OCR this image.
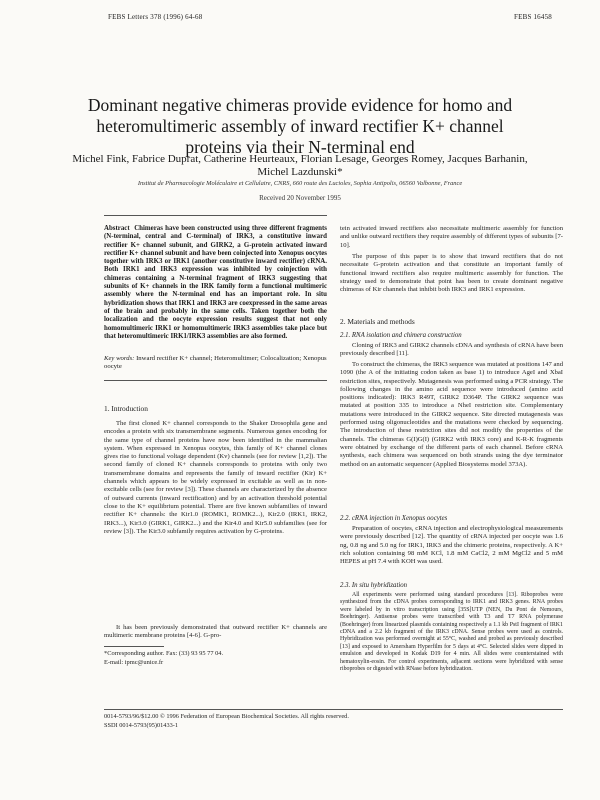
FEBS Letters 378 (1996) 64-68	FEBS 16458
Dominant negative chimeras provide evidence for homo and heteromultimeric assembly of inward rectifier K+ channel proteins via their N-terminal end
Michel Fink, Fabrice Duprat, Catherine Heurteaux, Florian Lesage, Georges Romey, Jacques Barhanin, Michel Lazdunski*
Institut de Pharmacologie Moléculaire et Cellulaire, CNRS, 660 route des Lucioles, Sophia Antipolis, 06560 Valbonne, France
Received 20 November 1995

Abstract Chimeras have been constructed using three different fragments (N-terminal, central and C-terminal) of IRK3, a constitutive inward rectifier K+ channel subunit, and GIRK2, a G-protein activated inward rectifier K+ channel subunit and have been coinjected into Xenopus oocytes together with IRK3 or IRK1 (another constitutive inward rectifier) cRNA. Both IRK1 and IRK3 expression was inhibited by coinjection with chimeras containing a N-terminal fragment of IRK3 suggesting that subunits of K+ channels in the IRK family form a functional multimeric assembly where the N-terminal end has an important role. In situ hybridization shows that IRK1 and IRK3 are coexpressed in the same areas of the brain and probably in the same cells. Taken together both the localization and the oocyte expression results suggest that not only homomultimeric IRK1 or homomultimeric IRK3 assemblies take place but that heteromultimeric IRK1/IRK3 assemblies are also formed.

Key words: Inward rectifier K+ channel; Heteromultimer; Colocalization; Xenopus oocyte

1. Introduction

The first cloned K+ channel corresponds to the Shaker Drosophila gene and encodes a protein with six transmembrane segments. Numerous genes encoding for the same type of channel proteins have now been identified in the mammalian system. When expressed in Xenopus oocytes, this family of K+ channel clones gives rise to functional voltage dependent (Kv) channels (see for review [1,2]). The second family of cloned K+ channels corresponds to proteins with only two transmembrane domains and represents the family of inward rectifier (Kir) K+ channels which appears to be widely expressed in excitable as well as in non-excitable cells (see for review [3]). These channels are characterized by the absence of outward currents (inward rectification) and by an activation threshold potential close to the K+ equilibrium potential. There are five known subfamilies of inward rectifier K+ channels: the Kir1.0 (ROMK1, ROMK2...), Kir2.0 (IRK1, IRK2, IRK3...), Kir3.0 (GIRK1, GIRK2...) and the Kir4.0 and Kir5.0 subfamilies (see for review [3]). The Kir3.0 subfamily requires activation by G-proteins.

It has been previously demonstrated that outward rectifier K+ channels are multimeric membrane proteins [4-6]. G-pro-

*Corresponding author. Fax: (33) 93 95 77 04.

E-mail: ipmc@unice.fr

tein activated inward rectifiers also necessitate multimeric assembly for function and unlike outward rectifiers they require assembly of different types of subunits [7-10].

The purpose of this paper is to show that inward rectifiers that do not necessitate G-protein activation and that constitute an important family of functional inward rectifiers also require multimeric assembly for function. The strategy used to demonstrate that point has been to create dominant negative chimeras of Kir channels that inhibit both IRK3 and IRK1 expression.

2. Materials and methods
2.1. RNA isolation and chimera construction

Cloning of IRK3 and GIRK2 channels cDNA and synthesis of cRNA have been previously described [11].

To construct the chimeras, the IRK3 sequence was mutated at positions 147 and 1090 (the A of the initiating codon taken as base 1) to introduce AgeI and XbaI restriction sites, respectively. Mutagenesis was performed using a PCR strategy. The following changes in the amino acid sequence were introduced (amino acid positions indicated): IRK3 R49T, GIRK2 D364P. The GIRK2 sequence was mutated at position 335 to introduce a NheI restriction site. Complementary mutations were introduced in the GIRK2 sequence. Site directed mutagenesis was performed using oligonucleotides and the mutations were checked by sequencing. The introduction of these restriction sites did not modify the properties of the channels. The chimeras G(I)G(I) (GIRK2 with IRK3 core) and K-R-K fragments were obtained by exchange of the different parts of each channel. Before cRNA synthesis, each chimera was sequenced on both strands using the dye terminator method on an automatic sequencer (Applied Biosystems model 373A).

2.2. cRNA injection in Xenopus oocytes

Preparation of oocytes, cRNA injection and electrophysiological measurements were previously described [12]. The quantity of cRNA injected per oocyte was 1.6 ng, 0.8 ng and 5.0 ng for IRK1, IRK3 and the chimeric proteins, respectively. A K+ rich solution containing 98 mM KCl, 1.8 mM CaCl2, 2 mM MgCl2 and 5 mM HEPES at pH 7.4 with KOH was used.

2.3. In situ hybridization

All experiments were performed using standard procedures [13]. Riboprobes were synthesized from the cDNA probes corresponding to IRK1 and IRK3 genes. RNA probes were labeled by in vitro transcription using [35S]UTP (NEN, Du Pont de Nemours, Boehringer). Antisense probes were transcribed with T3 and T7 RNA polymerase (Boehringer) from linearized plasmids containing respectively a 1.1 kb PstI fragment of IRK1 cDNA and a 2.2 kb fragment of the IRK3 cDNA. Sense probes were used as controls. Hybridization was performed overnight at 55°C, washed and probed as previously described [13] and exposed to Amersham Hyperfilm for 5 days at 4°C. Selected slides were dipped in emulsion and developed in Kodak D19 for 4 min. All slides were counterstained with hematoxylin-eosin. For control experiments, adjacent sections were hybridized with sense riboprobes or digested with RNase before hybridization.

0014-5793/96/$12.00 © 1996 Federation of European Biochemical Societies. All rights reserved.

SSDI 0014-5793(95)01433-1
